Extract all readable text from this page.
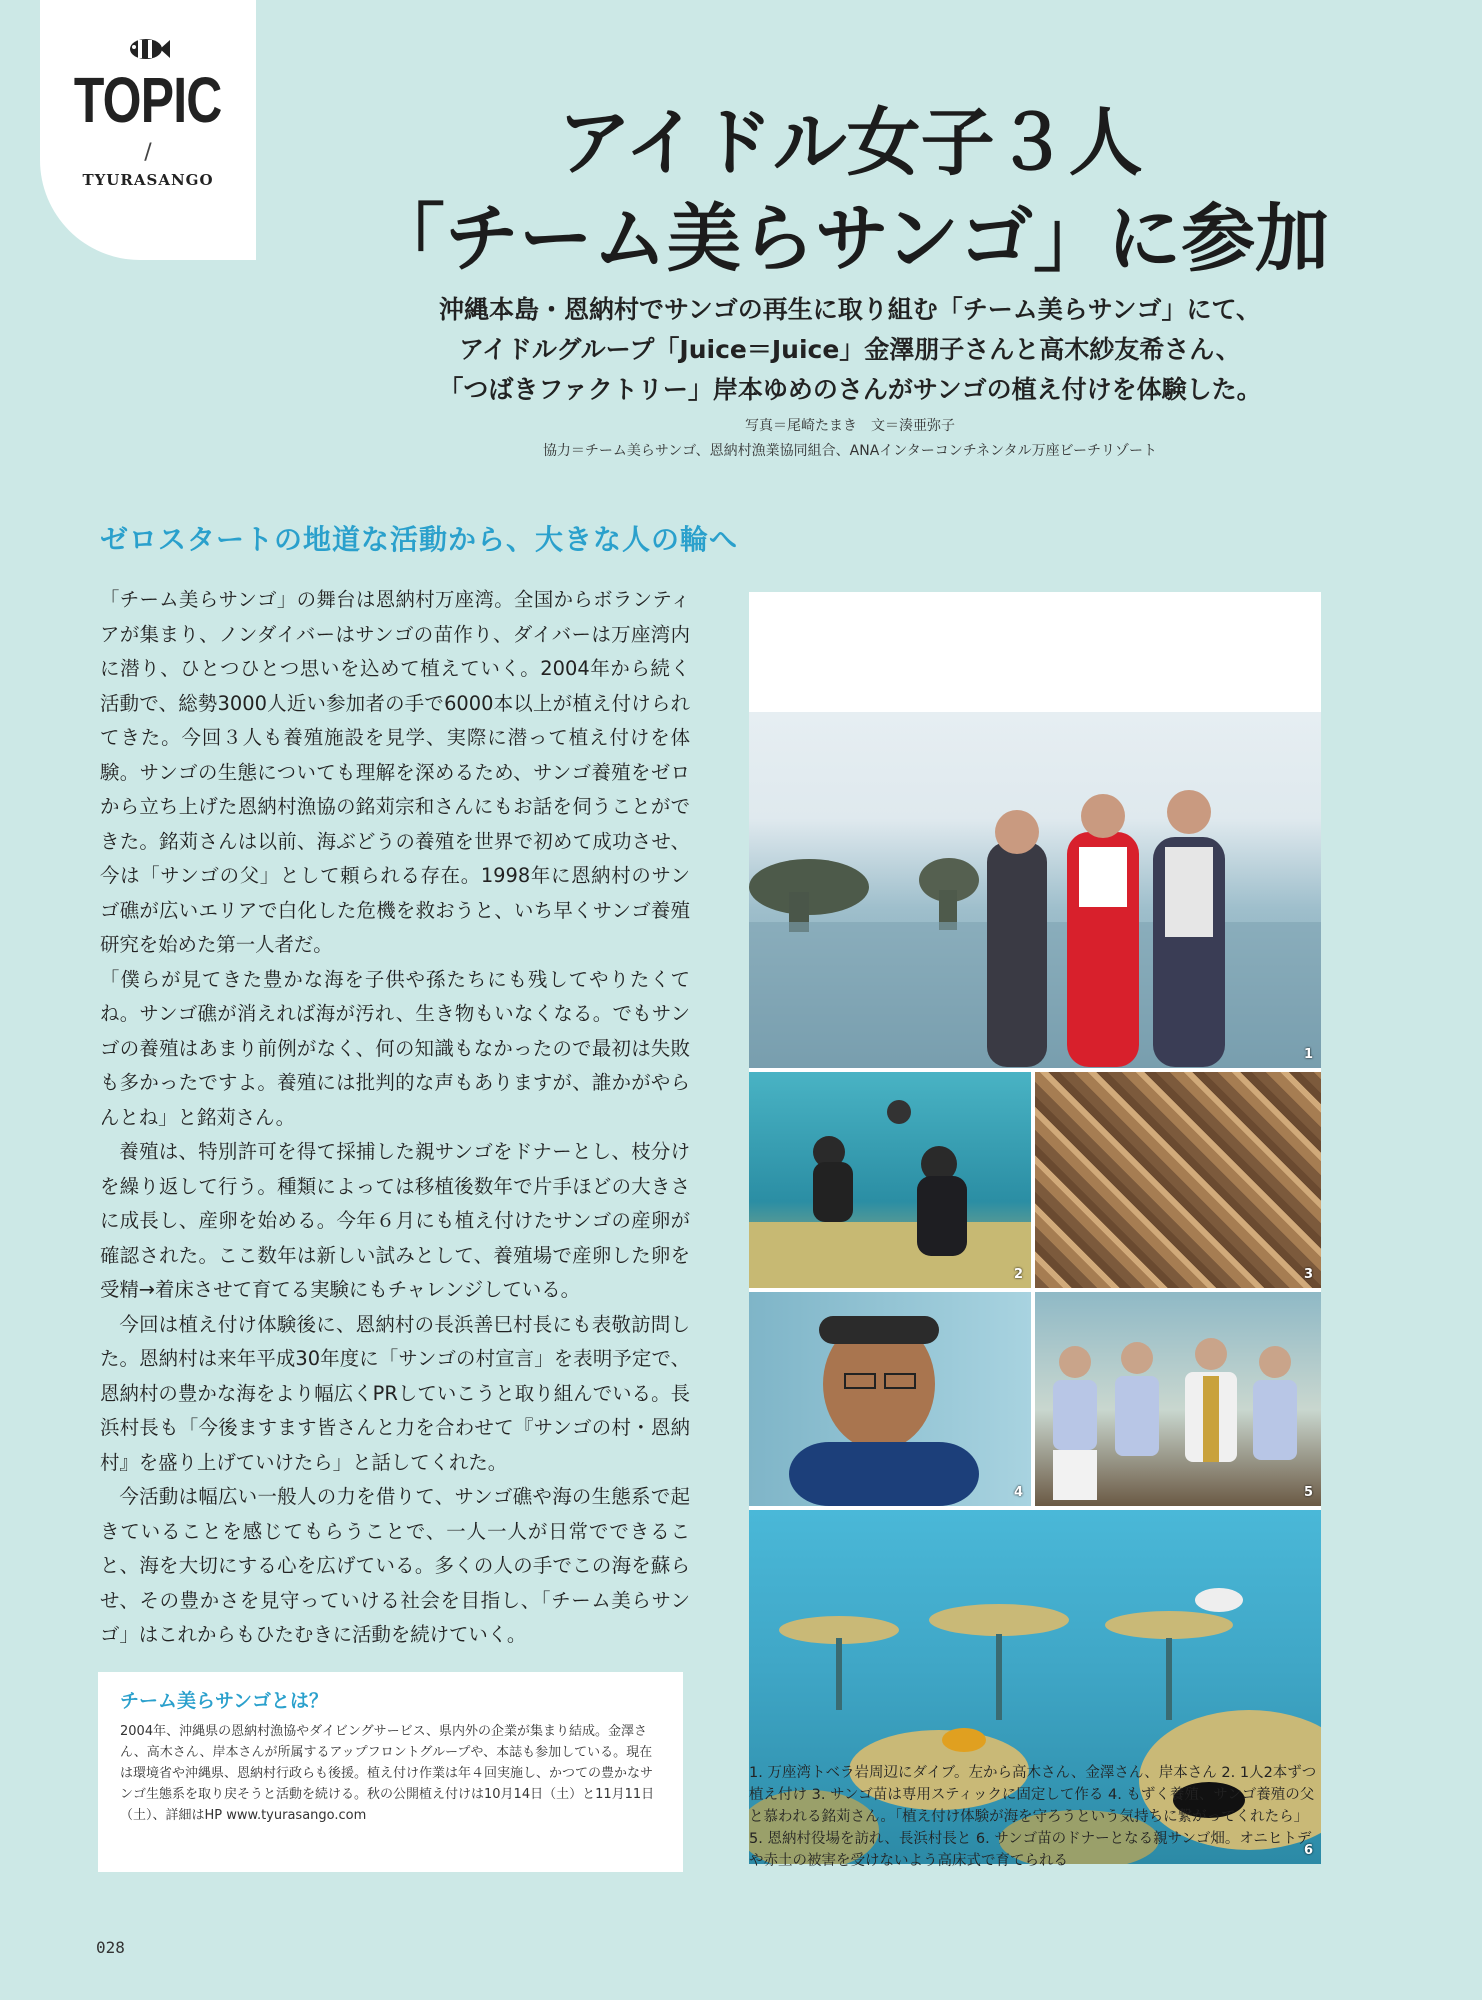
TOPIC
/
TYURASANGO	アイドル女子３人
「チーム美らサンゴ」に参加
沖縄本島・恩納村でサンゴの再生に取り組む「チーム美らサンゴ」にて、
アイドルグループ「Juice＝Juice」金澤朋子さんと高木紗友希さん、
「つばきファクトリー」岸本ゆめのさんがサンゴの植え付けを体験した。
写真＝尾崎たまき　文＝湊亜弥子
協力＝チーム美らサンゴ、恩納村漁業協同組合、ANAインターコンチネンタル万座ビーチリゾート
ゼロスタートの地道な活動から、大きな人の輪へ

「チーム美らサンゴ」の舞台は恩納村万座湾。全国からボランティアが集まり、ノンダイバーはサンゴの苗作り、ダイバーは万座湾内に潜り、ひとつひとつ思いを込めて植えていく。2004年から続く活動で、総勢3000人近い参加者の手で6000本以上が植え付けられてきた。今回３人も養殖施設を見学、実際に潜って植え付けを体験。サンゴの生態についても理解を深めるため、サンゴ養殖をゼロから立ち上げた恩納村漁協の銘苅宗和さんにもお話を伺うことができた。銘苅さんは以前、海ぶどうの養殖を世界で初めて成功させ、今は「サンゴの父」として頼られる存在。1998年に恩納村のサンゴ礁が広いエリアで白化した危機を救おうと、いち早くサンゴ養殖研究を始めた第一人者だ。

「僕らが見てきた豊かな海を子供や孫たちにも残してやりたくてね。サンゴ礁が消えれば海が汚れ、生き物もいなくなる。でもサンゴの養殖はあまり前例がなく、何の知識もなかったので最初は失敗も多かったですよ。養殖には批判的な声もありますが、誰かがやらんとね」と銘苅さん。

養殖は、特別許可を得て採捕した親サンゴをドナーとし、枝分けを繰り返して行う。種類によっては移植後数年で片手ほどの大きさに成長し、産卵を始める。今年６月にも植え付けたサンゴの産卵が確認された。ここ数年は新しい試みとして、養殖場で産卵した卵を受精→着床させて育てる実験にもチャレンジしている。

今回は植え付け体験後に、恩納村の長浜善巳村長にも表敬訪問した。恩納村は来年平成30年度に「サンゴの村宣言」を表明予定で、恩納村の豊かな海をより幅広くPRしていこうと取り組んでいる。長浜村長も「今後ますます皆さんと力を合わせて『サンゴの村・恩納村』を盛り上げていけたら」と話してくれた。

今活動は幅広い一般人の力を借りて、サンゴ礁や海の生態系で起きていることを感じてもらうことで、一人一人が日常でできること、海を大切にする心を広げている。多くの人の手でこの海を蘇らせ、その豊かさを見守っていける社会を目指し、「チーム美らサンゴ」はこれからもひたむきに活動を続けていく。

チーム美らサンゴとは？
2004年、沖縄県の恩納村漁協やダイビングサービス、県内外の企業が集まり結成。金澤さん、高木さん、岸本さんが所属するアップフロントグループや、本誌も参加している。現在は環境省や沖縄県、恩納村行政らも後援。植え付け作業は年４回実施し、かつての豊かなサンゴ生態系を取り戻そうと活動を続ける。秋の公開植え付けは10月14日（土）と11月11日（土）、詳細はHP www.tyurasango.com
028
1
2	3
4	5
6
1. 万座湾トベラ岩周辺にダイブ。左から高木さん、金澤さん、岸本さん 2. 1人2本ずつ植え付け 3. サンゴ苗は専用スティックに固定して作る 4. もずく養殖、サンゴ養殖の父と慕われる銘苅さん。「植え付け体験が海を守ろうという気持ちに繋がってくれたら」 5. 恩納村役場を訪れ、長浜村長と 6. サンゴ苗のドナーとなる親サンゴ畑。オニヒトデや赤土の被害を受けないよう高床式で育てられる
